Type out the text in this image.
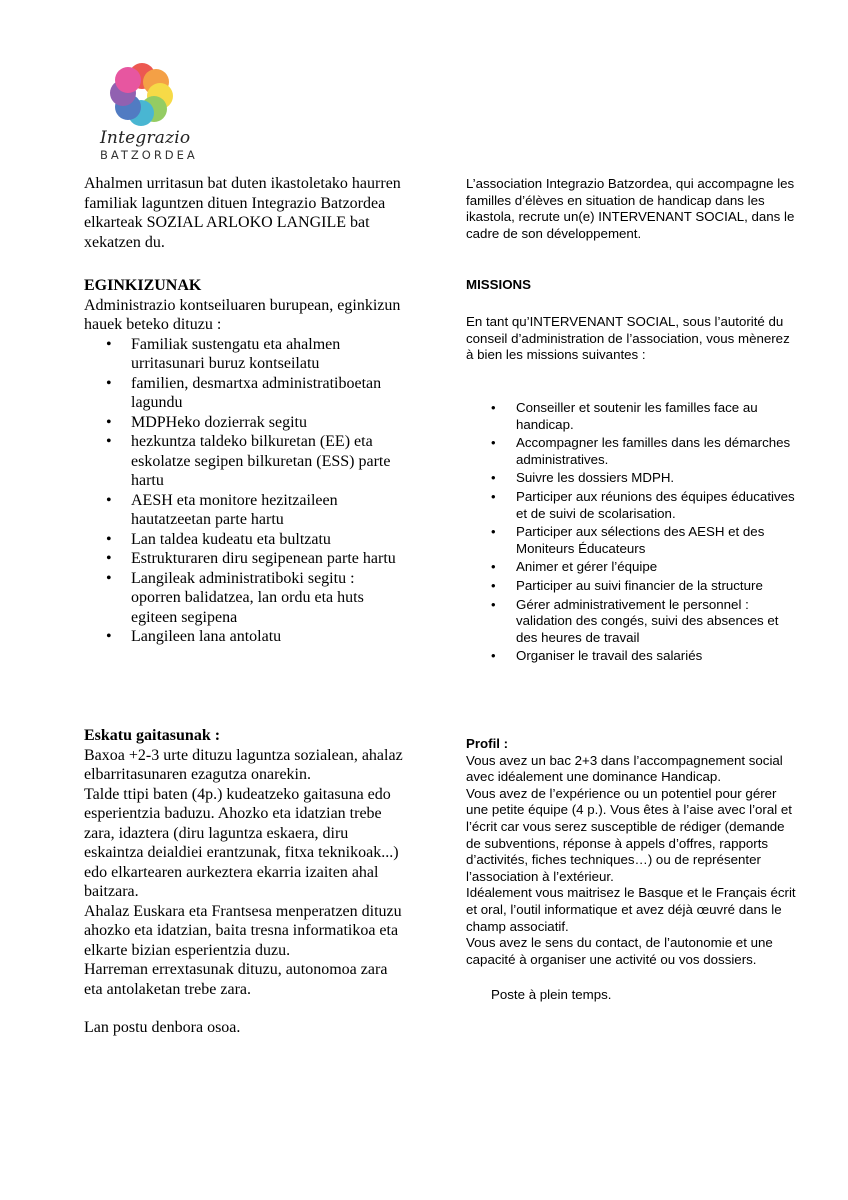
Integrazio
BATZORDEA

Ahalmen urritasun bat duten ikastoletako haurren familiak laguntzen dituen Integrazio Batzordea elkarteak SOZIAL ARLOKO LANGILE bat xekatzen du.

EGINKIZUNAK

Administrazio kontseiluaren burupean, eginkizun hauek beteko dituzu :

• Familiak sustengatu eta ahalmen urritasunari buruz kontseilatu
• familien, desmartxa administratiboetan lagundu
• MDPHeko dozierrak segitu
• hezkuntza taldeko bilkuretan (EE) eta eskolatze segipen bilkuretan (ESS) parte hartu
• AESH eta monitore hezitzaileen hautatzeetan parte hartu
• Lan taldea kudeatu eta bultzatu
• Estrukturaren diru segipenean parte hartu
• Langileak administratiboki segitu : oporren balidatzea, lan ordu eta huts egiteen segipena
• Langileen lana antolatu

Eskatu gaitasunak :

Baxoa +2-3 urte dituzu laguntza sozialean, ahalaz elbarritasunaren ezagutza onarekin.

Talde ttipi baten (4p.) kudeatzeko gaitasuna edo esperientzia baduzu. Ahozko eta idatzian trebe zara, idaztera (diru laguntza eskaera, diru eskaintza deialdiei erantzunak, fitxa teknikoak...) edo elkartearen aurkeztera ekarria izaiten ahal baitzara.

Ahalaz Euskara eta Frantsesa menperatzen dituzu ahozko eta idatzian, baita tresna informatikoa eta elkarte bizian esperientzia duzu.

Harreman errextasunak dituzu, autonomoa zara eta antolaketan trebe zara.

Lan postu denbora osoa.

L’association Integrazio Batzordea, qui accompagne les familles d’élèves en situation de handicap dans les ikastola, recrute un(e) INTERVENANT SOCIAL, dans le cadre de son développement.

MISSIONS

En tant qu’INTERVENANT SOCIAL, sous l’autorité du conseil d’administration de l’association, vous mènerez à bien les missions suivantes :

• Conseiller et soutenir les familles face au handicap.
• Accompagner les familles dans les démarches administratives.
• Suivre les dossiers MDPH.
• Participer aux réunions des équipes éducatives et de suivi de scolarisation.
• Participer aux sélections des AESH et des Moniteurs Éducateurs
• Animer et gérer l’équipe
• Participer au suivi financier de la structure
• Gérer administrativement le personnel : validation des congés, suivi des absences et des heures de travail
• Organiser le travail des salariés

Profil :

Vous avez un bac 2+3 dans l’accompagnement social avec idéalement une dominance Handicap.

Vous avez de l’expérience ou un potentiel pour gérer une petite équipe (4 p.). Vous êtes à l’aise avec l’oral et l’écrit car vous serez susceptible de rédiger (demande de subventions, réponse à appels d’offres, rapports d’activités, fiches techniques…) ou de représenter l’association à l’extérieur.

Idéalement vous maitrisez le Basque et le Français écrit et oral, l’outil informatique et avez déjà œuvré dans le champ associatif.

Vous avez le sens du contact, de l’autonomie et une capacité à organiser une activité ou vos dossiers.

Poste à plein temps.
